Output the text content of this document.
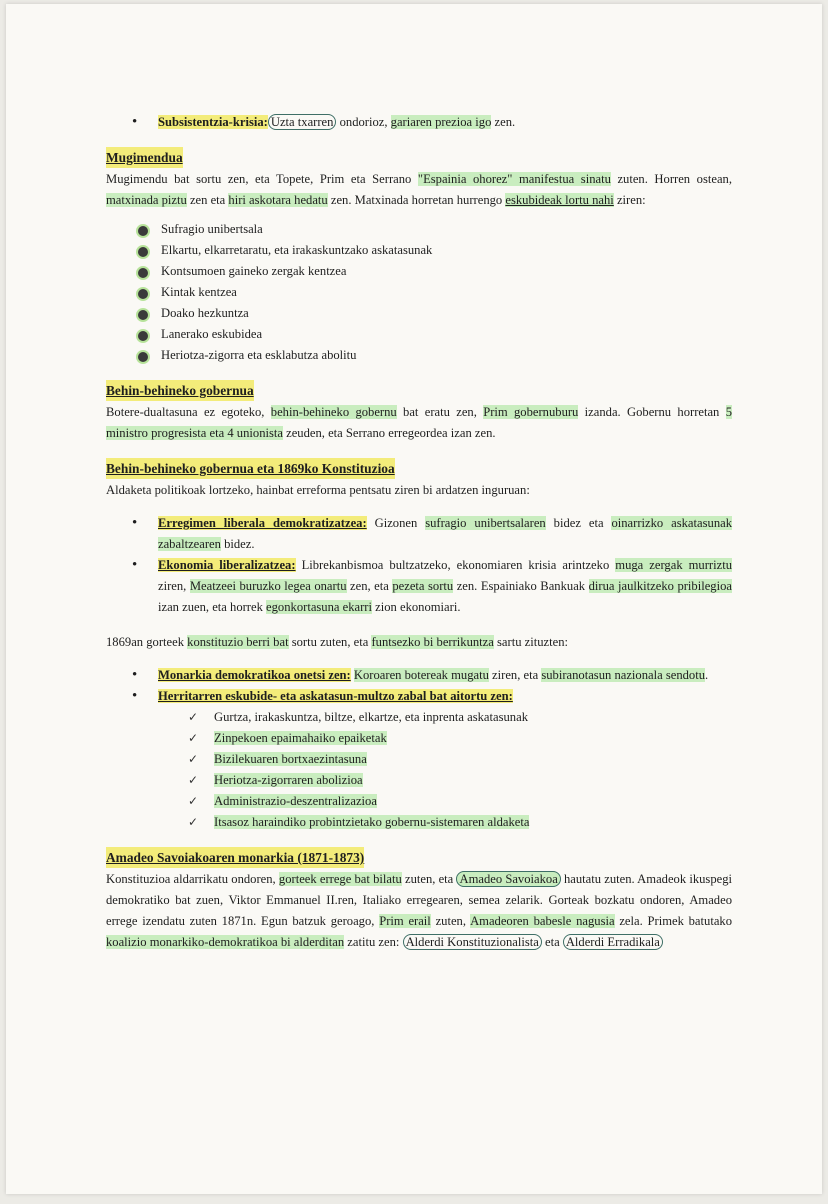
• Subsistentzia-krisia: Uzta txarren ondorioz, gariaren prezioa igo zen.
Mugimendua

Mugimendu bat sortu zen, eta Topete, Prim eta Serrano "Espainia ohorez" manifestua sinatu zuten. Horren ostean, matxinada piztu zen eta hiri askotara hedatu zen. Matxinada horretan hurrengo eskubideak lortu nahi ziren:

Sufragio unibertsala
Elkartu, elkarretaratu, eta irakaskuntzako askatasunak
Kontsumoen gaineko zergak kentzea
Kintak kentzea
Doako hezkuntza
Lanerako eskubidea
Heriotza-zigorra eta esklabutza abolitu
Behin-behineko gobernua

Botere-dualtasuna ez egoteko, behin-behineko gobernu bat eratu zen, Prim gobernuburu izanda. Gobernu horretan 5 ministro progresista eta 4 unionista zeuden, eta Serrano erregeordea izan zen.

Behin-behineko gobernua eta 1869ko Konstituzioa

Aldaketa politikoak lortzeko, hainbat erreforma pentsatu ziren bi ardatzen inguruan:

• Erregimen liberala demokratizatzea: Gizonen sufragio unibertsalaren bidez eta oinarrizko askatasunak zabaltzearen bidez.
• Ekonomia liberalizatzea: Librekanbismoa bultzatzeko, ekonomiaren krisia arintzeko muga zergak murriztu ziren, Meatzeei buruzko legea onartu zen, eta pezeta sortu zen. Espainiako Bankuak dirua jaulkitzeko pribilegioa izan zuen, eta horrek egonkortasuna ekarri zion ekonomiari.

1869an gorteek konstituzio berri bat sortu zuten, eta funtsezko bi berrikuntza sartu zituzten:

• Monarkia demokratikoa onetsi zen: Koroaren botereak mugatu ziren, eta subiranotasun nazionala sendotu.
• Herritarren eskubide- eta askatasun-multzo zabal bat aitortu zen:
✓ Gurtza, irakaskuntza, biltze, elkartze, eta inprenta askatasunak
✓ Zinpekoen epaimahaiko epaiketak
✓ Bizilekuaren bortxaezintasuna
✓ Heriotza-zigorraren abolizioa
✓ Administrazio-deszentralizazioa
✓ Itsasoz haraindiko probintzietako gobernu-sistemaren aldaketa
Amadeo Savoiakoaren monarkia (1871-1873)

Konstituzioa aldarrikatu ondoren, gorteek errege bat bilatu zuten, eta Amadeo Savoiakoa hautatu zuten. Amadeok ikuspegi demokratiko bat zuen, Viktor Emmanuel II.ren, Italiako erregearen, semea zelarik. Gorteak bozkatu ondoren, Amadeo errege izendatu zuten 1871n. Egun batzuk geroago, Prim erail zuten, Amadeoren babesle nagusia zela. Primek batutako koalizio monarkiko-demokratikoa bi alderditan zatitu zen: Alderdi Konstituzionalista eta Alderdi Erradikala
